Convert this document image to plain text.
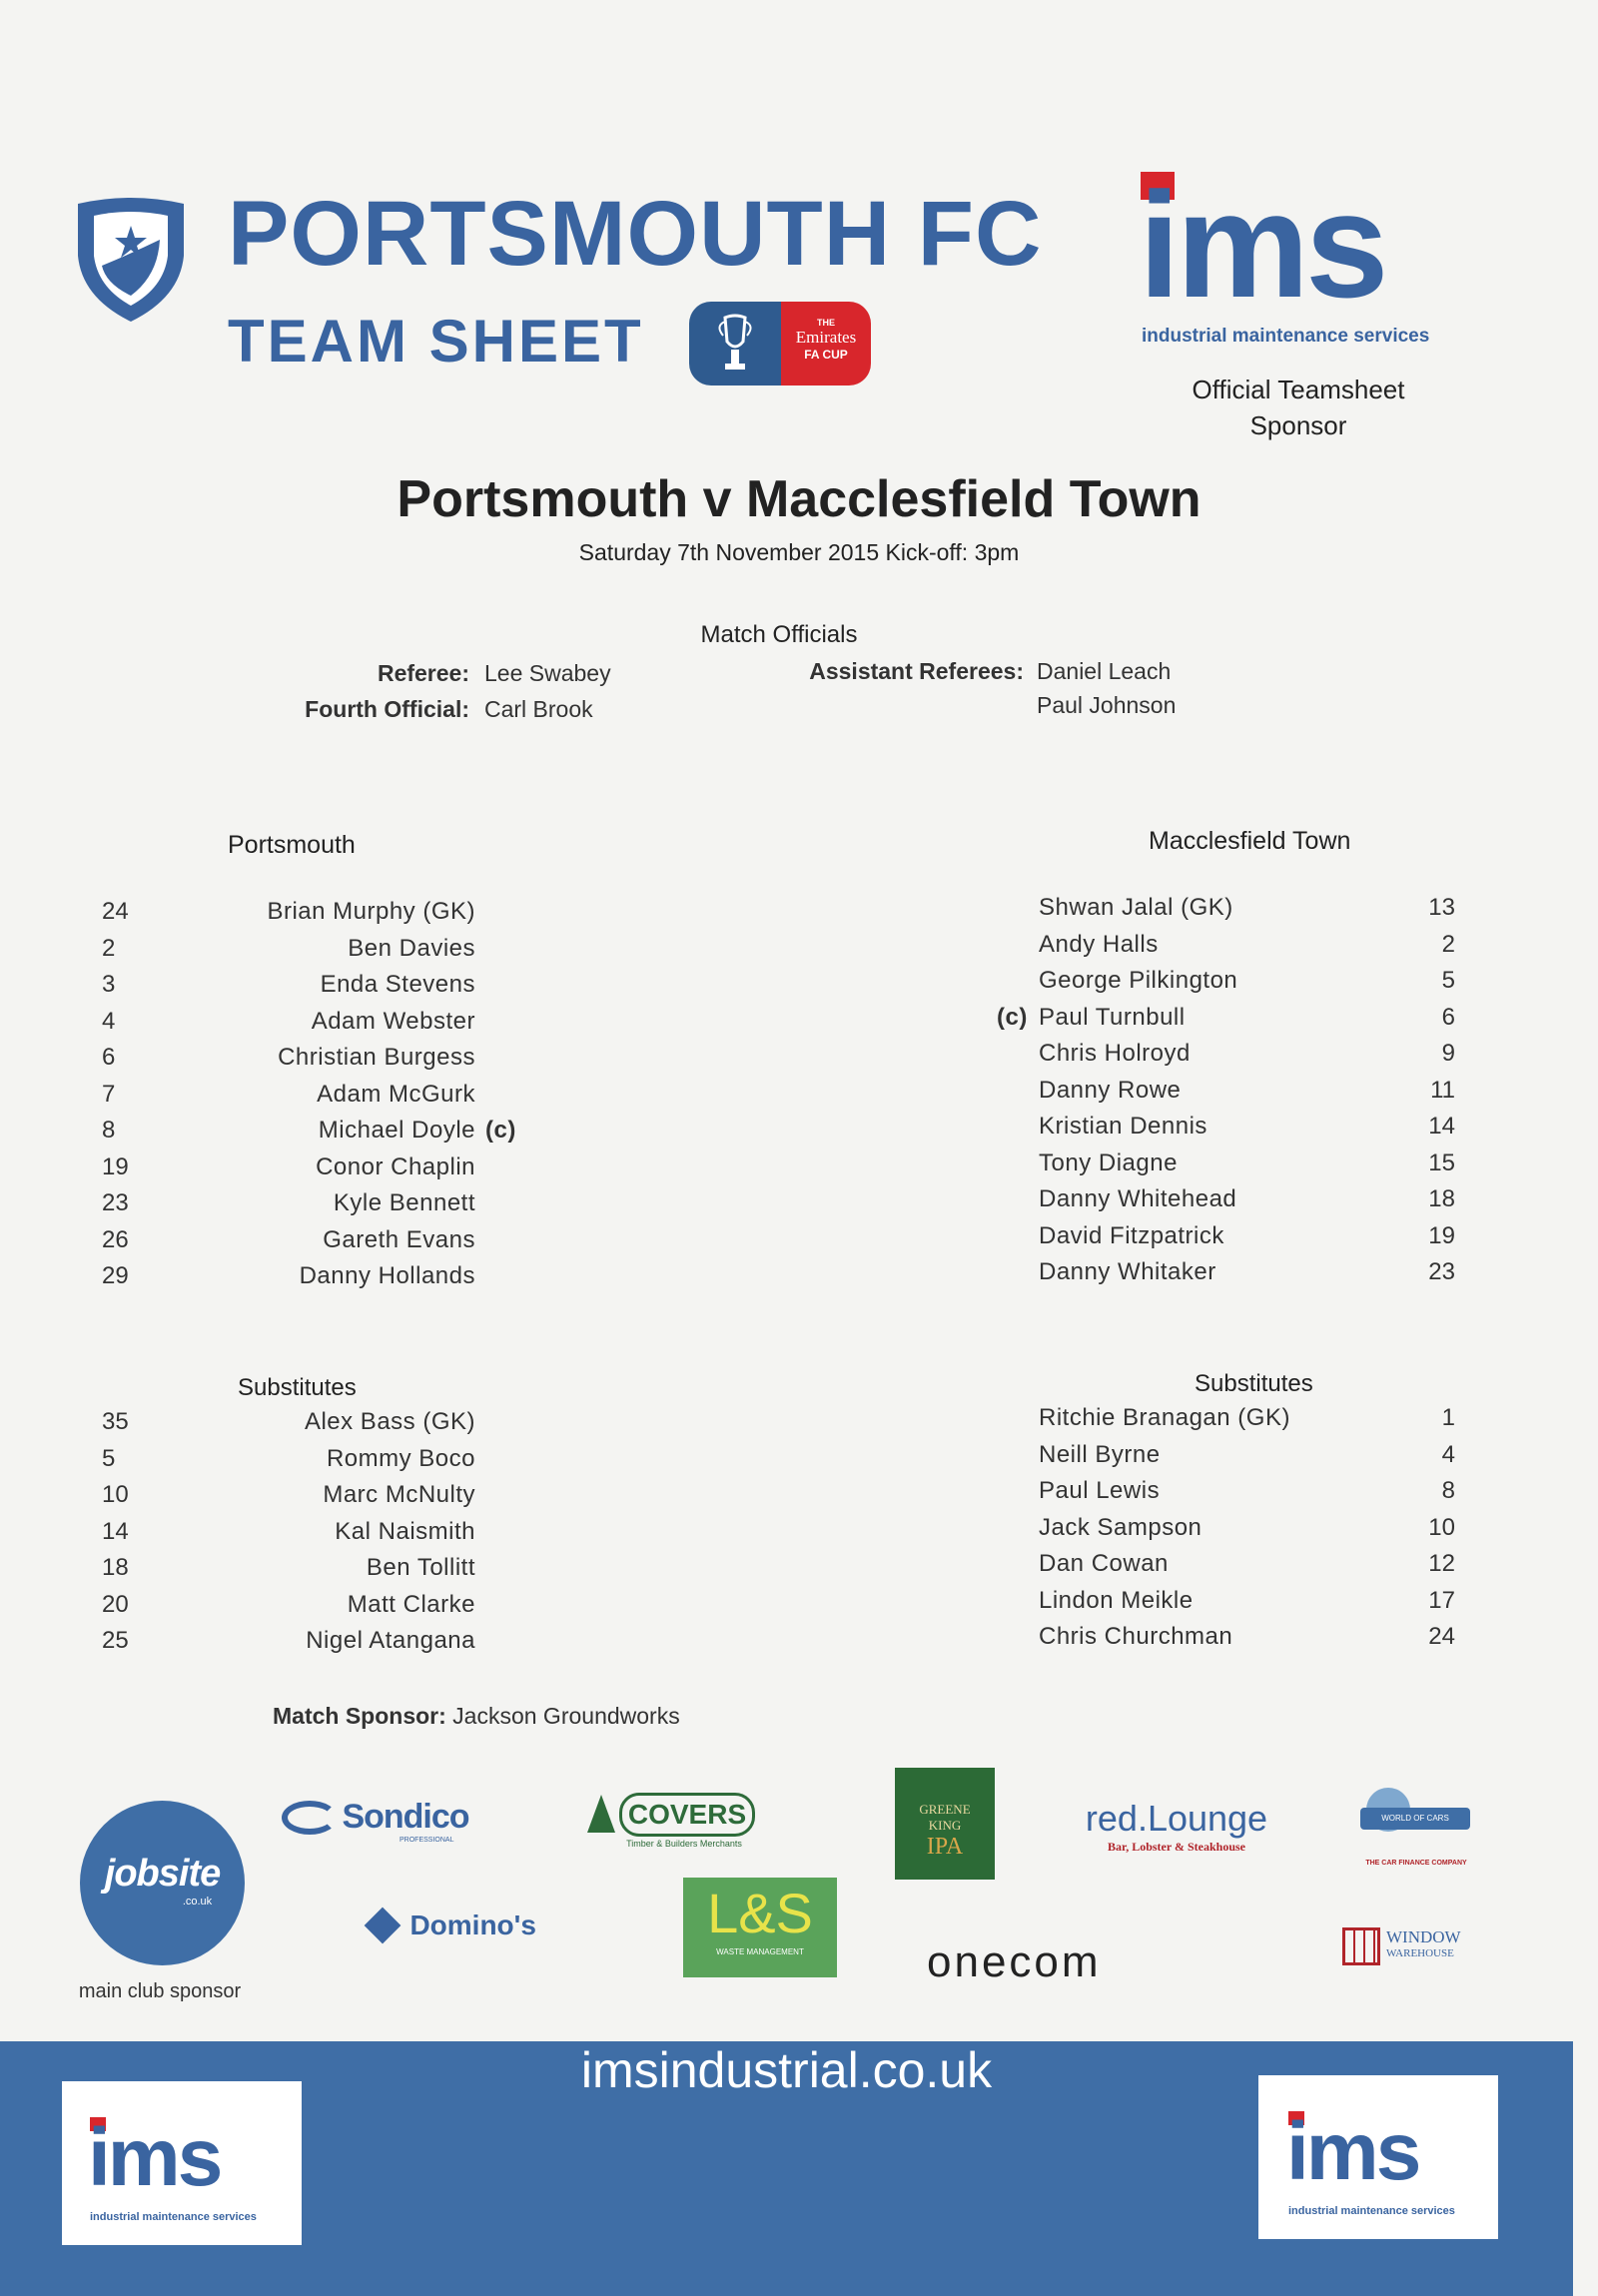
PORTSMOUTH FC
TEAM SHEET	THE
Emirates
FA CUP
ims
industrial maintenance services
Official Teamsheet
Sponsor
Portsmouth v Macclesfield Town
Saturday 7th November 2015 Kick-off: 3pm
Match Officials
Referee: Lee Swabey
Fourth Official: Carl Brook
Assistant Referees: Daniel Leach
Paul Johnson
Portsmouth	Macclesfield Town
24	Brian Murphy (GK)
2	Ben Davies
3	Enda Stevens
4	Adam Webster
6	Christian Burgess
7	Adam McGurk
8	Michael Doyle (c)
19	Conor Chaplin
23	Kyle Bennett
26	Gareth Evans
29	Danny Hollands
Shwan Jalal (GK)	13
Andy Halls	2
George Pilkington	5
(c) Paul Turnbull	6
Chris Holroyd	9
Danny Rowe	11
Kristian Dennis	14
Tony Diagne	15
Danny Whitehead	18
David Fitzpatrick	19
Danny Whitaker	23
Substitutes	Substitutes
35	Alex Bass (GK)
5	Rommy Boco
10	Marc McNulty
14	Kal Naismith
18	Ben Tollitt
20	Matt Clarke
25	Nigel Atangana
Ritchie Branagan (GK)	1
Neill Byrne	4
Paul Lewis	8
Jack Sampson	10
Dan Cowan	12
Lindon Meikle	17
Chris Churchman	24
Match Sponsor: Jackson Groundworks
jobsite
.co.uk
main club sponsor
Sondico
PROFESSIONAL
COVERS
Timber & Builders Merchants
GREENE
KING
IPA
red.Lounge
Bar, Lobster & Steakhouse
WORLD OF CARS
THE CAR FINANCE COMPANY
Domino's	L&S
WASTE MANAGEMENT	onecom
WINDOW
WAREHOUSE
ims
industrial maintenance services
imsindustrial.co.uk
ims
industrial maintenance services
